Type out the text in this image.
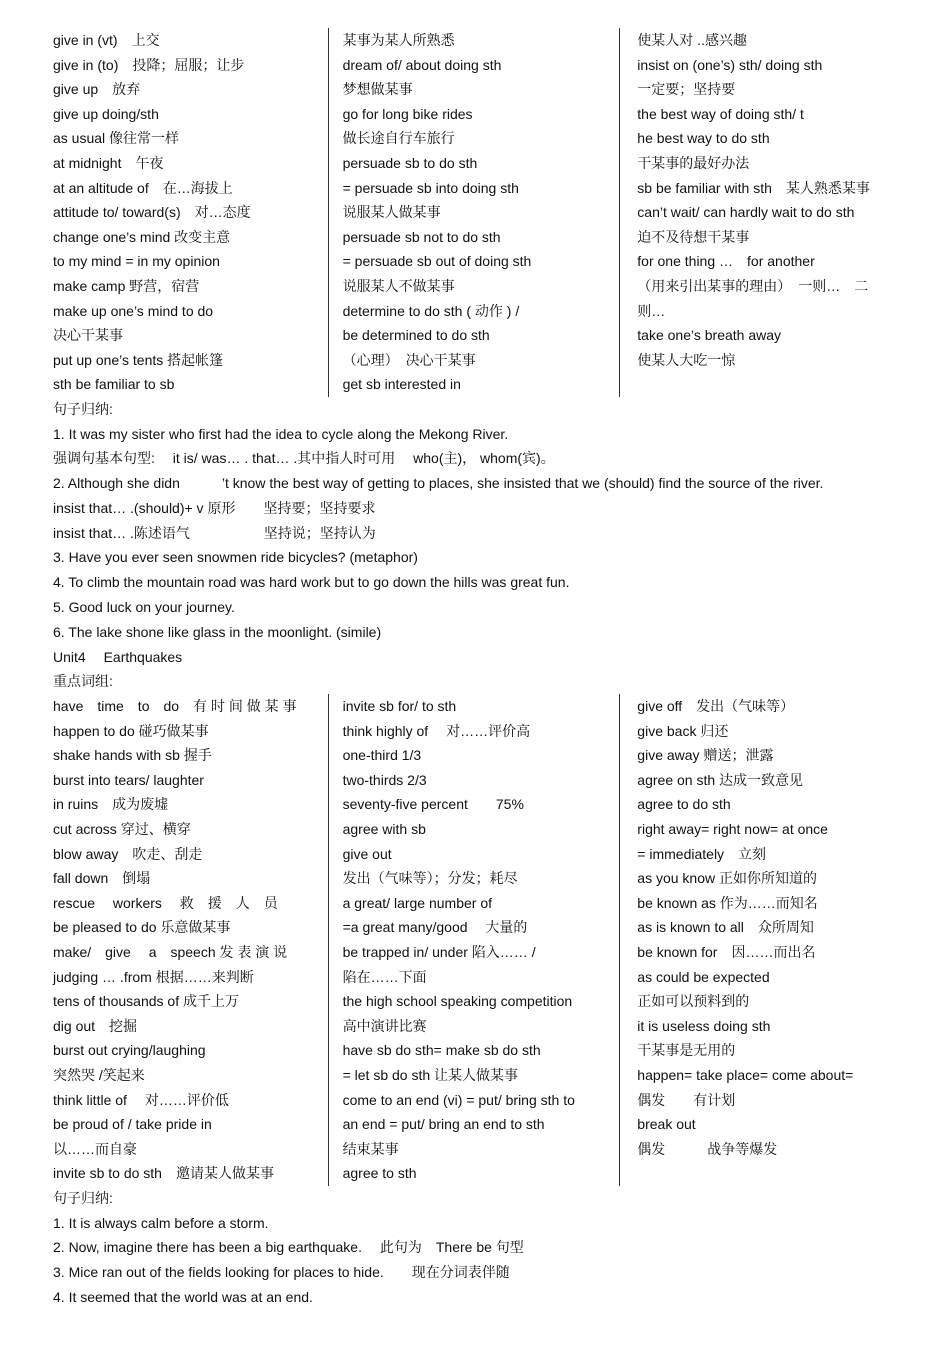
give in (vt)　上交
give in (to)　投降；屈服；让步
give up　放弃
give up doing/sth
as usual 像往常一样
at midnight　午夜
at an altitude of　在…海拔上
attitude to/ toward(s)　对…态度
change one’s mind 改变主意
to my mind = in my opinion
make camp 野营，宿营
make up one’s mind to do
决心干某事
put up one’s tents 搭起帐篷
sth be familiar to sb
某事为某人所熟悉
dream of/ about doing sth
梦想做某事
go for long bike rides
做长途自行车旅行
persuade sb to do sth
= persuade sb into doing sth
说服某人做某事
persuade sb not to do sth
= persuade sb out of doing sth
说服某人不做某事
determine to do sth ( 动作 ) /
be determined to do sth
（心理）　决心干某事
get sb interested in
使某人对 ..感兴趣
insist on (one’s) sth/ doing sth
一定要；坚持要
the best way of doing sth/ t
he best way to do sth
干某事的最好办法
sb be familiar with sth　某人熟悉某事
can’t wait/ can hardly wait to do sth
迫不及待想干某事
for one thing …　for another
（用来引出某事的理由）　一则…　二
则…
take one’s breath away
使某人大吃一惊
句子归纳:
1. It was my sister who first had the idea to cycle along the Mekong River.
强调句基本句型:　 it is/ was… . that… .其中指人时可用　 who(主)， whom(宾)。
2. Although she didn　　　’t know the best way of getting to places, she insisted that we (should) find the source of the river.
insist that… .(should)+ v 原形　　坚持要；坚持要求
insist that… .陈述语气　　　　　 坚持说；坚持认为
3. Have you ever seen snowmen ride bicycles? (metaphor)
4. To climb the mountain road was hard work but to go down the hills was great fun.
5. Good luck on your journey.
6. The lake shone like glass in the moonlight. (simile)
Unit4　 Earthquakes
重点词组:
have　time　to　do　有 时 间 做 某 事
happen to do 碰巧做某事
shake hands with sb 握手
burst into tears/ laughter
in ruins　成为废墟
cut across 穿过、横穿
blow away　吹走、刮走
fall down　倒塌
rescue　 workers　 救　援　人　员
be pleased to do 乐意做某事
make/　give　 a　speech 发 表 演 说
judging … .from 根据……来判断
tens of thousands of 成千上万
dig out　挖掘
burst out crying/laughing
突然哭 /笑起来
think little of　 对……评价低
be proud of / take pride in
以……而自豪
invite sb to do sth　邀请某人做某事
invite sb for/ to sth
think highly of　 对……评价高
one-third 1/3
two-thirds 2/3
seventy-five percent　　75%
agree with sb
give out
发出（气味等）；分发；耗尽
a great/ large number of
=a great many/good　 大量的
be trapped in/ under 陷入…… /
陷在……下面
the high school speaking competition
高中演讲比赛
have sb do sth= make sb do sth
= let sb do sth 让某人做某事
come to an end (vi) = put/ bring sth to
an end = put/ bring an end to sth
结束某事
agree to sth
give off　发出（气味等）
give back 归还
give away 赠送；泄露
agree on sth 达成一致意见
agree to do sth
right away= right now= at once
= immediately　立刻
as you know 正如你所知道的
be known as 作为……而知名
as is known to all　众所周知
be known for　因……而出名
as could be expected
正如可以预料到的
it is useless doing sth
干某事是无用的
happen= take place= come about=
偶发　　有计划
break out
偶发　　　战争等爆发
句子归纳:
1. It is always calm before a storm.
2. Now, imagine there has been a big earthquake.　 此句为　There be 句型
3. Mice ran out of the fields looking for places to hide.　　现在分词表伴随
4. It seemed that the world was at an end.
